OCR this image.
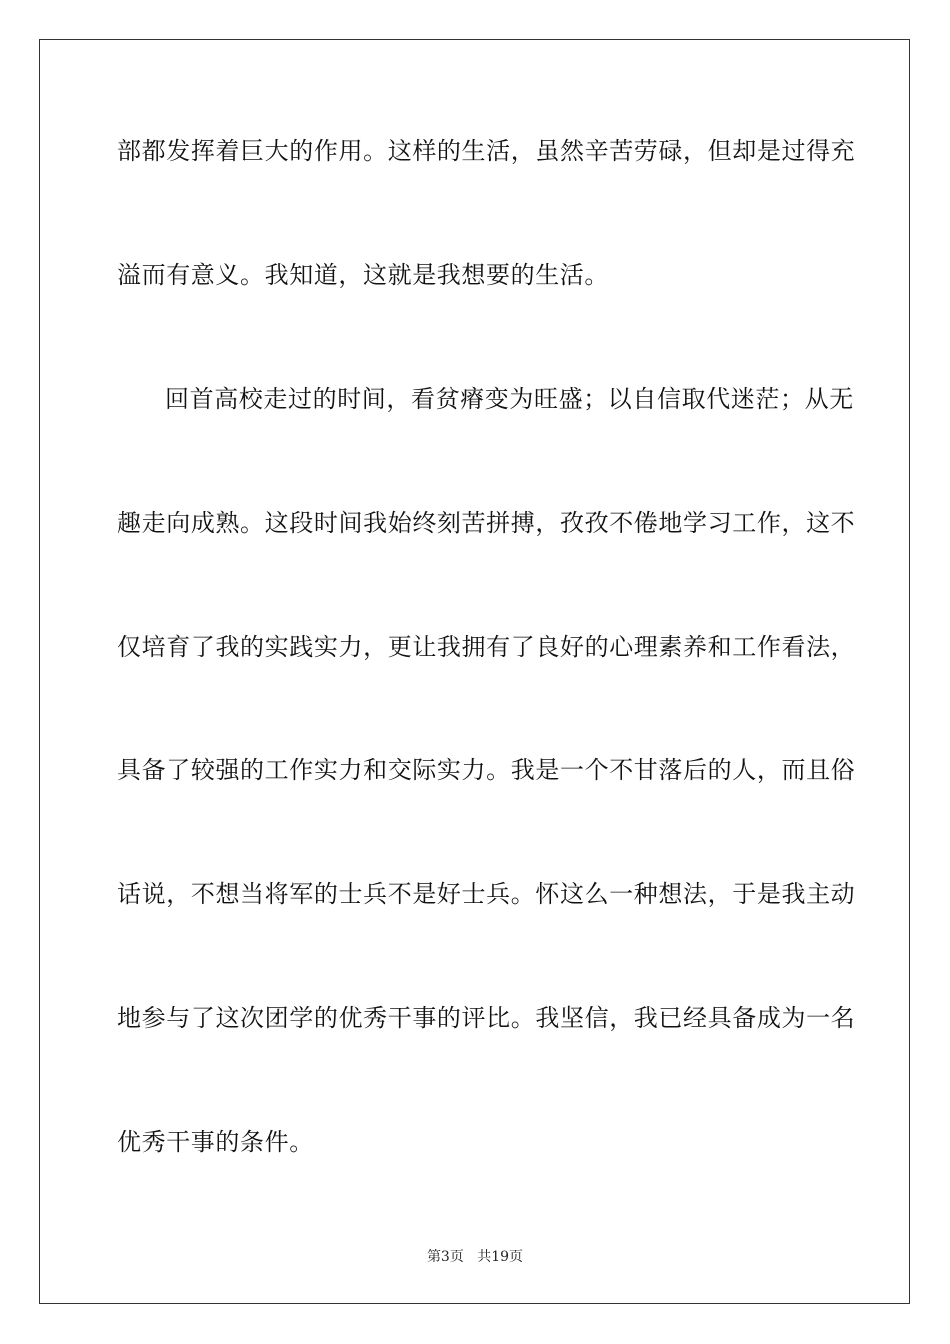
部 都 发 挥 着 巨 大 的 作 用 。 这 样 的 生 活 ， 虽 然 辛 苦 劳 碌 ， 但 却 是 过 得 充
溢而有意义。我知道，这就是我想要的生活。
回首高校走过的时间，看贫瘠变为旺盛；以自信取代迷茫；从无
趣 走 向 成 熟 。 这 段 时 间 我 始 终 刻 苦 拼 搏 ， 孜 孜 不 倦 地 学 习 工 作 ， 这 不
仅 培 育 了 我 的 实 践 实 力 ， 更 让 我 拥 有 了 良 好 的 心 理 素 养 和 工 作 看 法 ，
具 备 了 较 强 的 工 作 实 力 和 交 际 实 力 。 我 是 一 个 不 甘 落 后 的 人 ， 而 且 俗
话 说 ， 不 想 当 将 军 的 士 兵 不 是 好 士 兵 。 怀 这 么 一 种 想 法 ， 于 是 我 主 动
地 参 与 了 这 次 团 学 的 优 秀 干 事 的 评 比 。 我 坚 信 ， 我 已 经 具 备 成 为 一 名
优秀干事的条件。
第3页 共19页
